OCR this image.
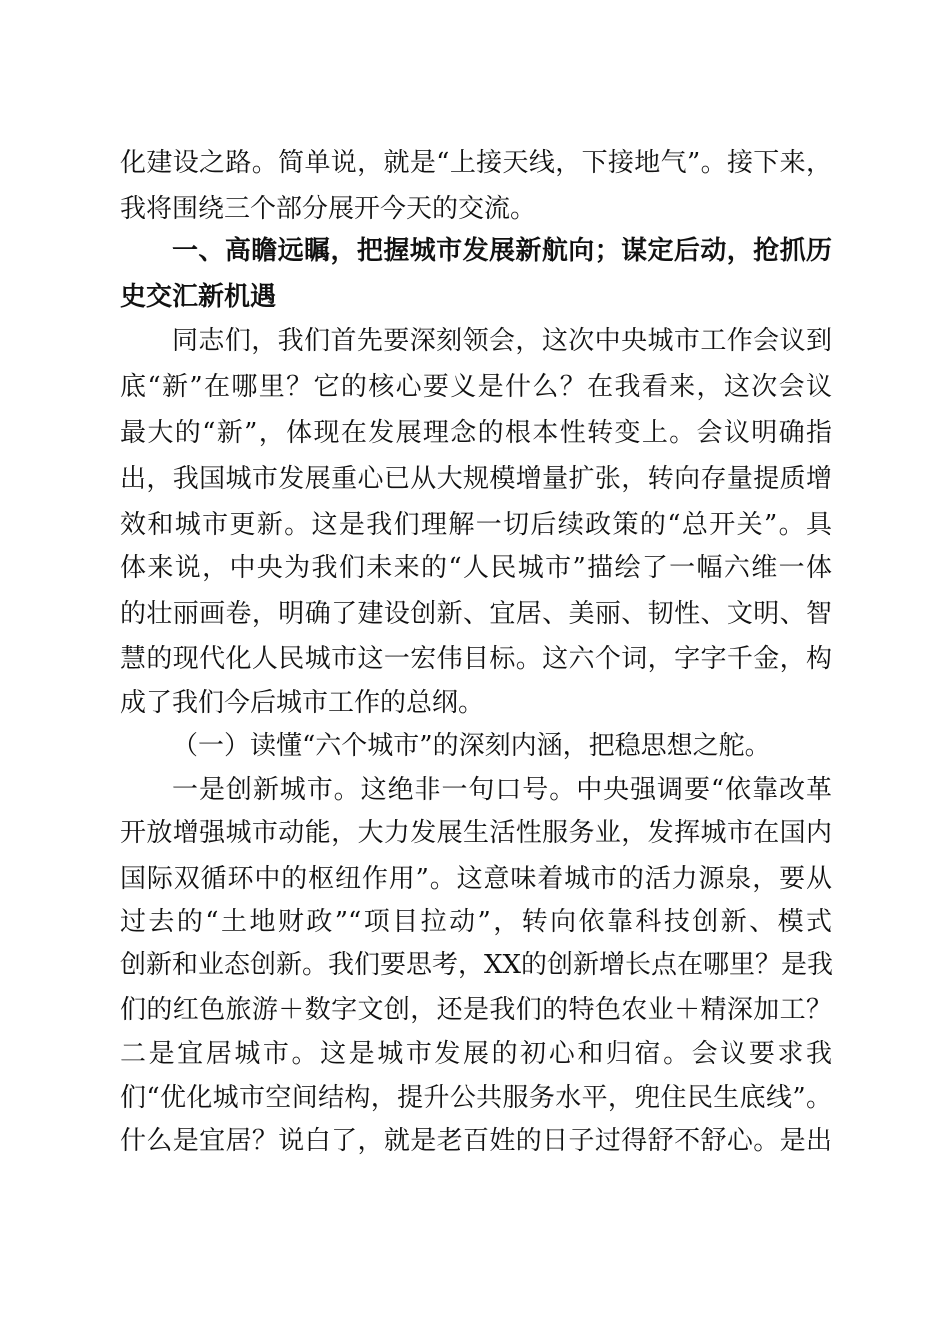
化建设之路。简单说，就是“上接天线，下接地气”。接下来，
我将围绕三个部分展开今天的交流。
一、高瞻远瞩，把握城市发展新航向；谋定后动，抢抓历
史交汇新机遇
同志们，我们首先要深刻领会，这次中央城市工作会议到
底“新”在哪里？它的核心要义是什么？在我看来，这次会议
最大的“新”，体现在发展理念的根本性转变上。会议明确指
出，我国城市发展重心已从大规模增量扩张，转向存量提质增
效和城市更新。这是我们理解一切后续政策的“总开关”。具
体来说，中央为我们未来的“人民城市”描绘了一幅六维一体
的壮丽画卷，明确了建设创新、宜居、美丽、韧性、文明、智
慧的现代化人民城市这一宏伟目标。这六个词，字字千金，构
成了我们今后城市工作的总纲。
（一）读懂“六个城市”的深刻内涵，把稳思想之舵。
一是创新城市。这绝非一句口号。中央强调要“依靠改革
开放增强城市动能，大力发展生活性服务业，发挥城市在国内
国际双循环中的枢纽作用”。这意味着城市的活力源泉，要从
过去的“土地财政”“项目拉动”，转向依靠科技创新、模式
创新和业态创新。我们要思考，XX的创新增长点在哪里？是我
们的红色旅游＋数字文创，还是我们的特色农业＋精深加工？
二是宜居城市。这是城市发展的初心和归宿。会议要求我
们“优化城市空间结构，提升公共服务水平，兜住民生底线”。
什么是宜居？说白了，就是老百姓的日子过得舒不舒心。是出
